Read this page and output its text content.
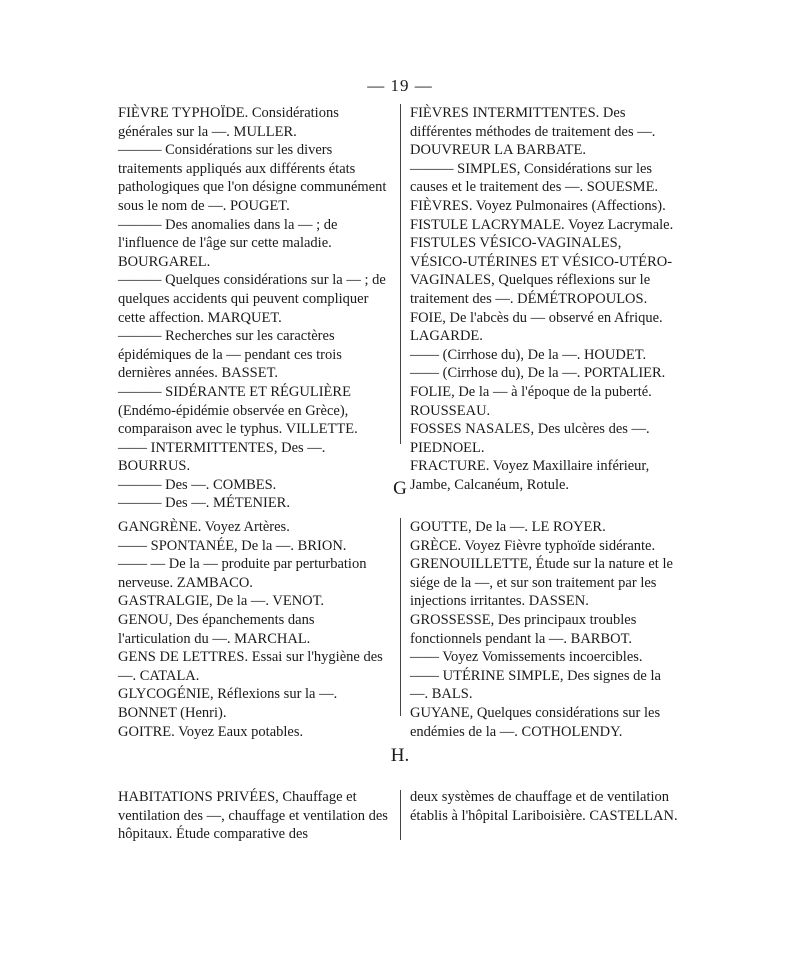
— 19 —

FIÈVRE TYPHOÏDE. Considérations générales sur la —. MULLER.

——— Considérations sur les divers traitements appliqués aux différents états pathologiques que l'on désigne communément sous le nom de —. POUGET.

——— Des anomalies dans la — ; de l'influence de l'âge sur cette maladie. BOURGAREL.

——— Quelques considérations sur la — ; de quelques accidents qui peuvent compliquer cette affection. MARQUET.

——— Recherches sur les caractères épidémiques de la — pendant ces trois dernières années. BASSET.

——— SIDÉRANTE ET RÉGULIÈRE (Endémo-épidémie observée en Grèce), comparaison avec le typhus. VILLETTE.

—— INTERMITTENTES, Des —. BOURRUS.

——— Des —. COMBES.

——— Des —. MÉTENIER.

FIÈVRES INTERMITTENTES. Des différentes méthodes de traitement des —. DOUVREUR LA BARBATE.

——— SIMPLES, Considérations sur les causes et le traitement des —. SOUESME.

FIÈVRES. Voyez Pulmonaires (Affections).

FISTULE LACRYMALE. Voyez Lacrymale.

FISTULES VÉSICO-VAGINALES, VÉSICO-UTÉRINES ET VÉSICO-UTÉRO-VAGINALES, Quelques réflexions sur le traitement des —. DÉMÉTROPOULOS.

FOIE, De l'abcès du — observé en Afrique. LAGARDE.

—— (Cirrhose du), De la —. HOUDET.

—— (Cirrhose du), De la —. PORTALIER.

FOLIE, De la — à l'époque de la puberté. ROUSSEAU.

FOSSES NASALES, Des ulcères des —. PIEDNOEL.

FRACTURE. Voyez Maxillaire inférieur, Jambe, Calcanéum, Rotule.

G

GANGRÈNE. Voyez Artères.

—— SPONTANÉE, De la —. BRION.

—— — De la — produite par perturbation nerveuse. ZAMBACO.

GASTRALGIE, De la —. VENOT.

GENOU, Des épanchements dans l'articulation du —. MARCHAL.

GENS DE LETTRES. Essai sur l'hygiène des —. CATALA.

GLYCOGÉNIE, Réflexions sur la —. BONNET (Henri).

GOITRE. Voyez Eaux potables.

GOUTTE, De la —. LE ROYER.

GRÈCE. Voyez Fièvre typhoïde sidérante.

GRENOUILLETTE, Étude sur la nature et le siége de la —, et sur son traitement par les injections irritantes. DASSEN.

GROSSESSE, Des principaux troubles fonctionnels pendant la —. BARBOT.

—— Voyez Vomissements incoercibles.

—— UTÉRINE SIMPLE, Des signes de la —. BALS.

GUYANE, Quelques considérations sur les endémies de la —. COTHOLENDY.

H.
HABITATIONS PRIVÉES, Chauffage et ventilation des —, chauffage et ventilation des hôpitaux. Étude comparative des
deux systèmes de chauffage et de ventilation établis à l'hôpital Lariboisière. CASTELLAN.
